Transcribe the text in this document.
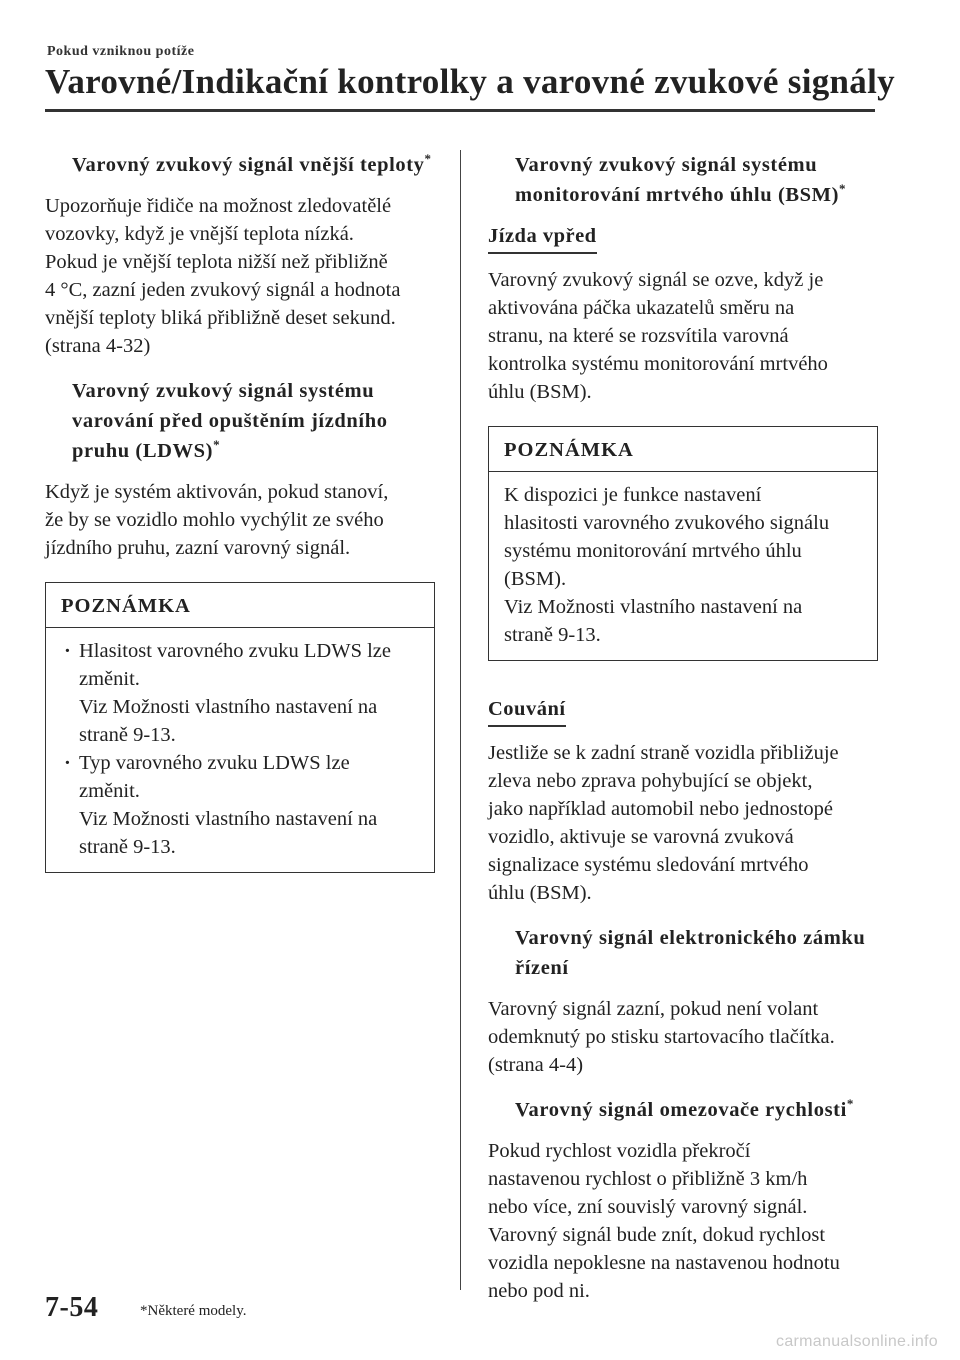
Pokud vzniknou potíže
Varovné/Indikační kontrolky a varovné zvukové signály
Varovný zvukový signál vnější teploty*

Upozorňuje řidiče na možnost zledovatělé
vozovky, když je vnější teplota nízká.
Pokud je vnější teplota nižší než přibližně
4 °C, zazní jeden zvukový signál a hodnota
vnější teploty bliká přibližně deset sekund.
(strana 4-32)

Varovný zvukový signál systému varování před opuštěním jízdního pruhu (LDWS)*

Když je systém aktivován, pokud stanoví,
že by se vozidlo mohlo vychýlit ze svého
jízdního pruhu, zazní varovný signál.

POZNÁMKA
· Hlasitost varovného zvuku LDWS lze
změnit.
Viz Možnosti vlastního nastavení na
straně 9-13.
· Typ varovného zvuku LDWS lze
změnit.
Viz Možnosti vlastního nastavení na
straně 9-13.
Varovný zvukový signál systému monitorování mrtvého úhlu (BSM)*
Jízda vpřed

Varovný zvukový signál se ozve, když je
aktivována páčka ukazatelů směru na
stranu, na které se rozsvítila varovná
kontrolka systému monitorování mrtvého
úhlu (BSM).

POZNÁMKA
K dispozici je funkce nastavení
hlasitosti varovného zvukového signálu
systému monitorování mrtvého úhlu
(BSM).
Viz Možnosti vlastního nastavení na
straně 9-13.
Couvání

Jestliže se k zadní straně vozidla přibližuje
zleva nebo zprava pohybující se objekt,
jako například automobil nebo jednostopé
vozidlo, aktivuje se varovná zvuková
signalizace systému sledování mrtvého
úhlu (BSM).

Varovný signál elektronického zámku řízení

Varovný signál zazní, pokud není volant
odemknutý po stisku startovacího tlačítka.
(strana 4-4)

Varovný signál omezovače rychlosti*

Pokud rychlost vozidla překročí
nastavenou rychlost o přibližně 3 km/h
nebo více, zní souvislý varovný signál.
Varovný signál bude znít, dokud rychlost
vozidla nepoklesne na nastavenou hodnotu
nebo pod ni.

7-54	*Některé modely.
carmanualsonline.info
